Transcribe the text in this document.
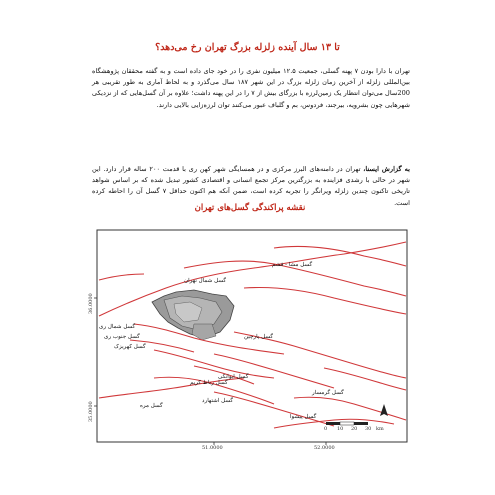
تا ۱۳ سال آینده زلزله بزرگ تهران رخ می‌دهد؟
تهران با دارا بودن ۷ پهنه گسلی، جمعیت ۱۲.۵ میلیون نفری را در خود جای داده است و به گفته محققان پژوهشگاه بین‌المللی زلزله از آخرین زمان زلزله بزرگ در این شهر ۱۸۷ سال می‌گذرد و به لحاظ آماری به طور تقریبی هر 200سال می‌توان انتظار یک زمین‌لرزه با بزرگای بیش از ۷ را در این پهنه داشت؛ علاوه بر آن گسل‌هایی که از نزدیکی شهرهایی چون بشرویه، بیرجند، فردوس، بم و گلباف عبور می‌کنند توان لرزه‌زایی بالایی دارند.
به گزارش ایسنا، تهران در دامنه‌های البرز مرکزی و در همسایگی شهر کهن ری با قدمت ۲۰۰ ساله قرار دارد. این شهر در حالی با رشدی فزاینده به بزرگترین مرکز تجمع انسانی و اقتصادی کشور تبدیل شده که بر اساس شواهد تاریخی تاکنون چندین زلزله ویرانگر را تجربه کرده است، ضمن آنکه هم اکنون حداقل ۷ گسل آن را احاطه کرده است.
نقشه پراکندگی گسل‌های تهران
36.0000
35.0000
51.0000	52.0000
0 10 20 30 km
گسل مشا - فشم
گسل شمال تهران
گسل شمال ری
گسل جنوب ری
گسل کهریزک
گسل پارچین
گسل رباط کریم
گسل ایوانکی
گسل اشتهارد
گسل مره
گسل گرمسار
گسل پیشوا
